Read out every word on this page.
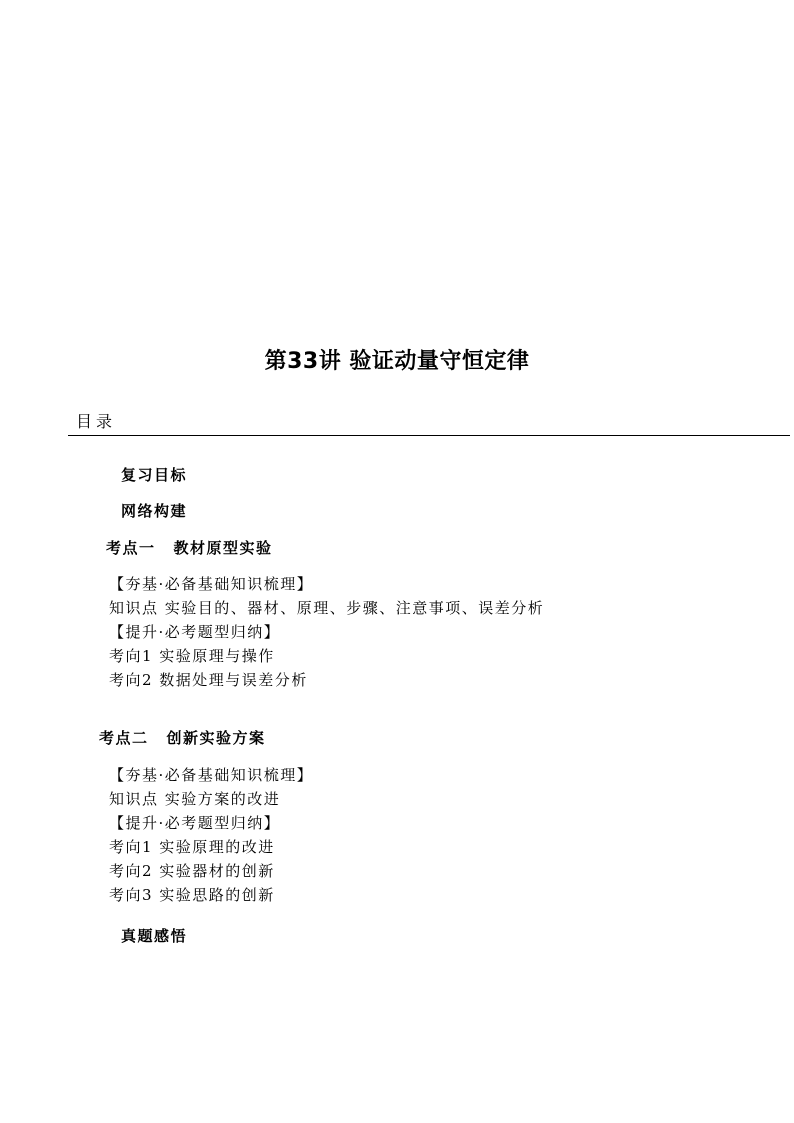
第33讲 验证动量守恒定律
目录
复习目标
网络构建
考点一 教材原型实验
【夯基·必备基础知识梳理】
知识点 实验目的、器材、原理、步骤、注意事项、误差分析
【提升·必考题型归纳】
考向1 实验原理与操作
考向2 数据处理与误差分析
考点二 创新实验方案
【夯基·必备基础知识梳理】
知识点 实验方案的改进
【提升·必考题型归纳】
考向1 实验原理的改进
考向2 实验器材的创新
考向3 实验思路的创新
真题感悟
